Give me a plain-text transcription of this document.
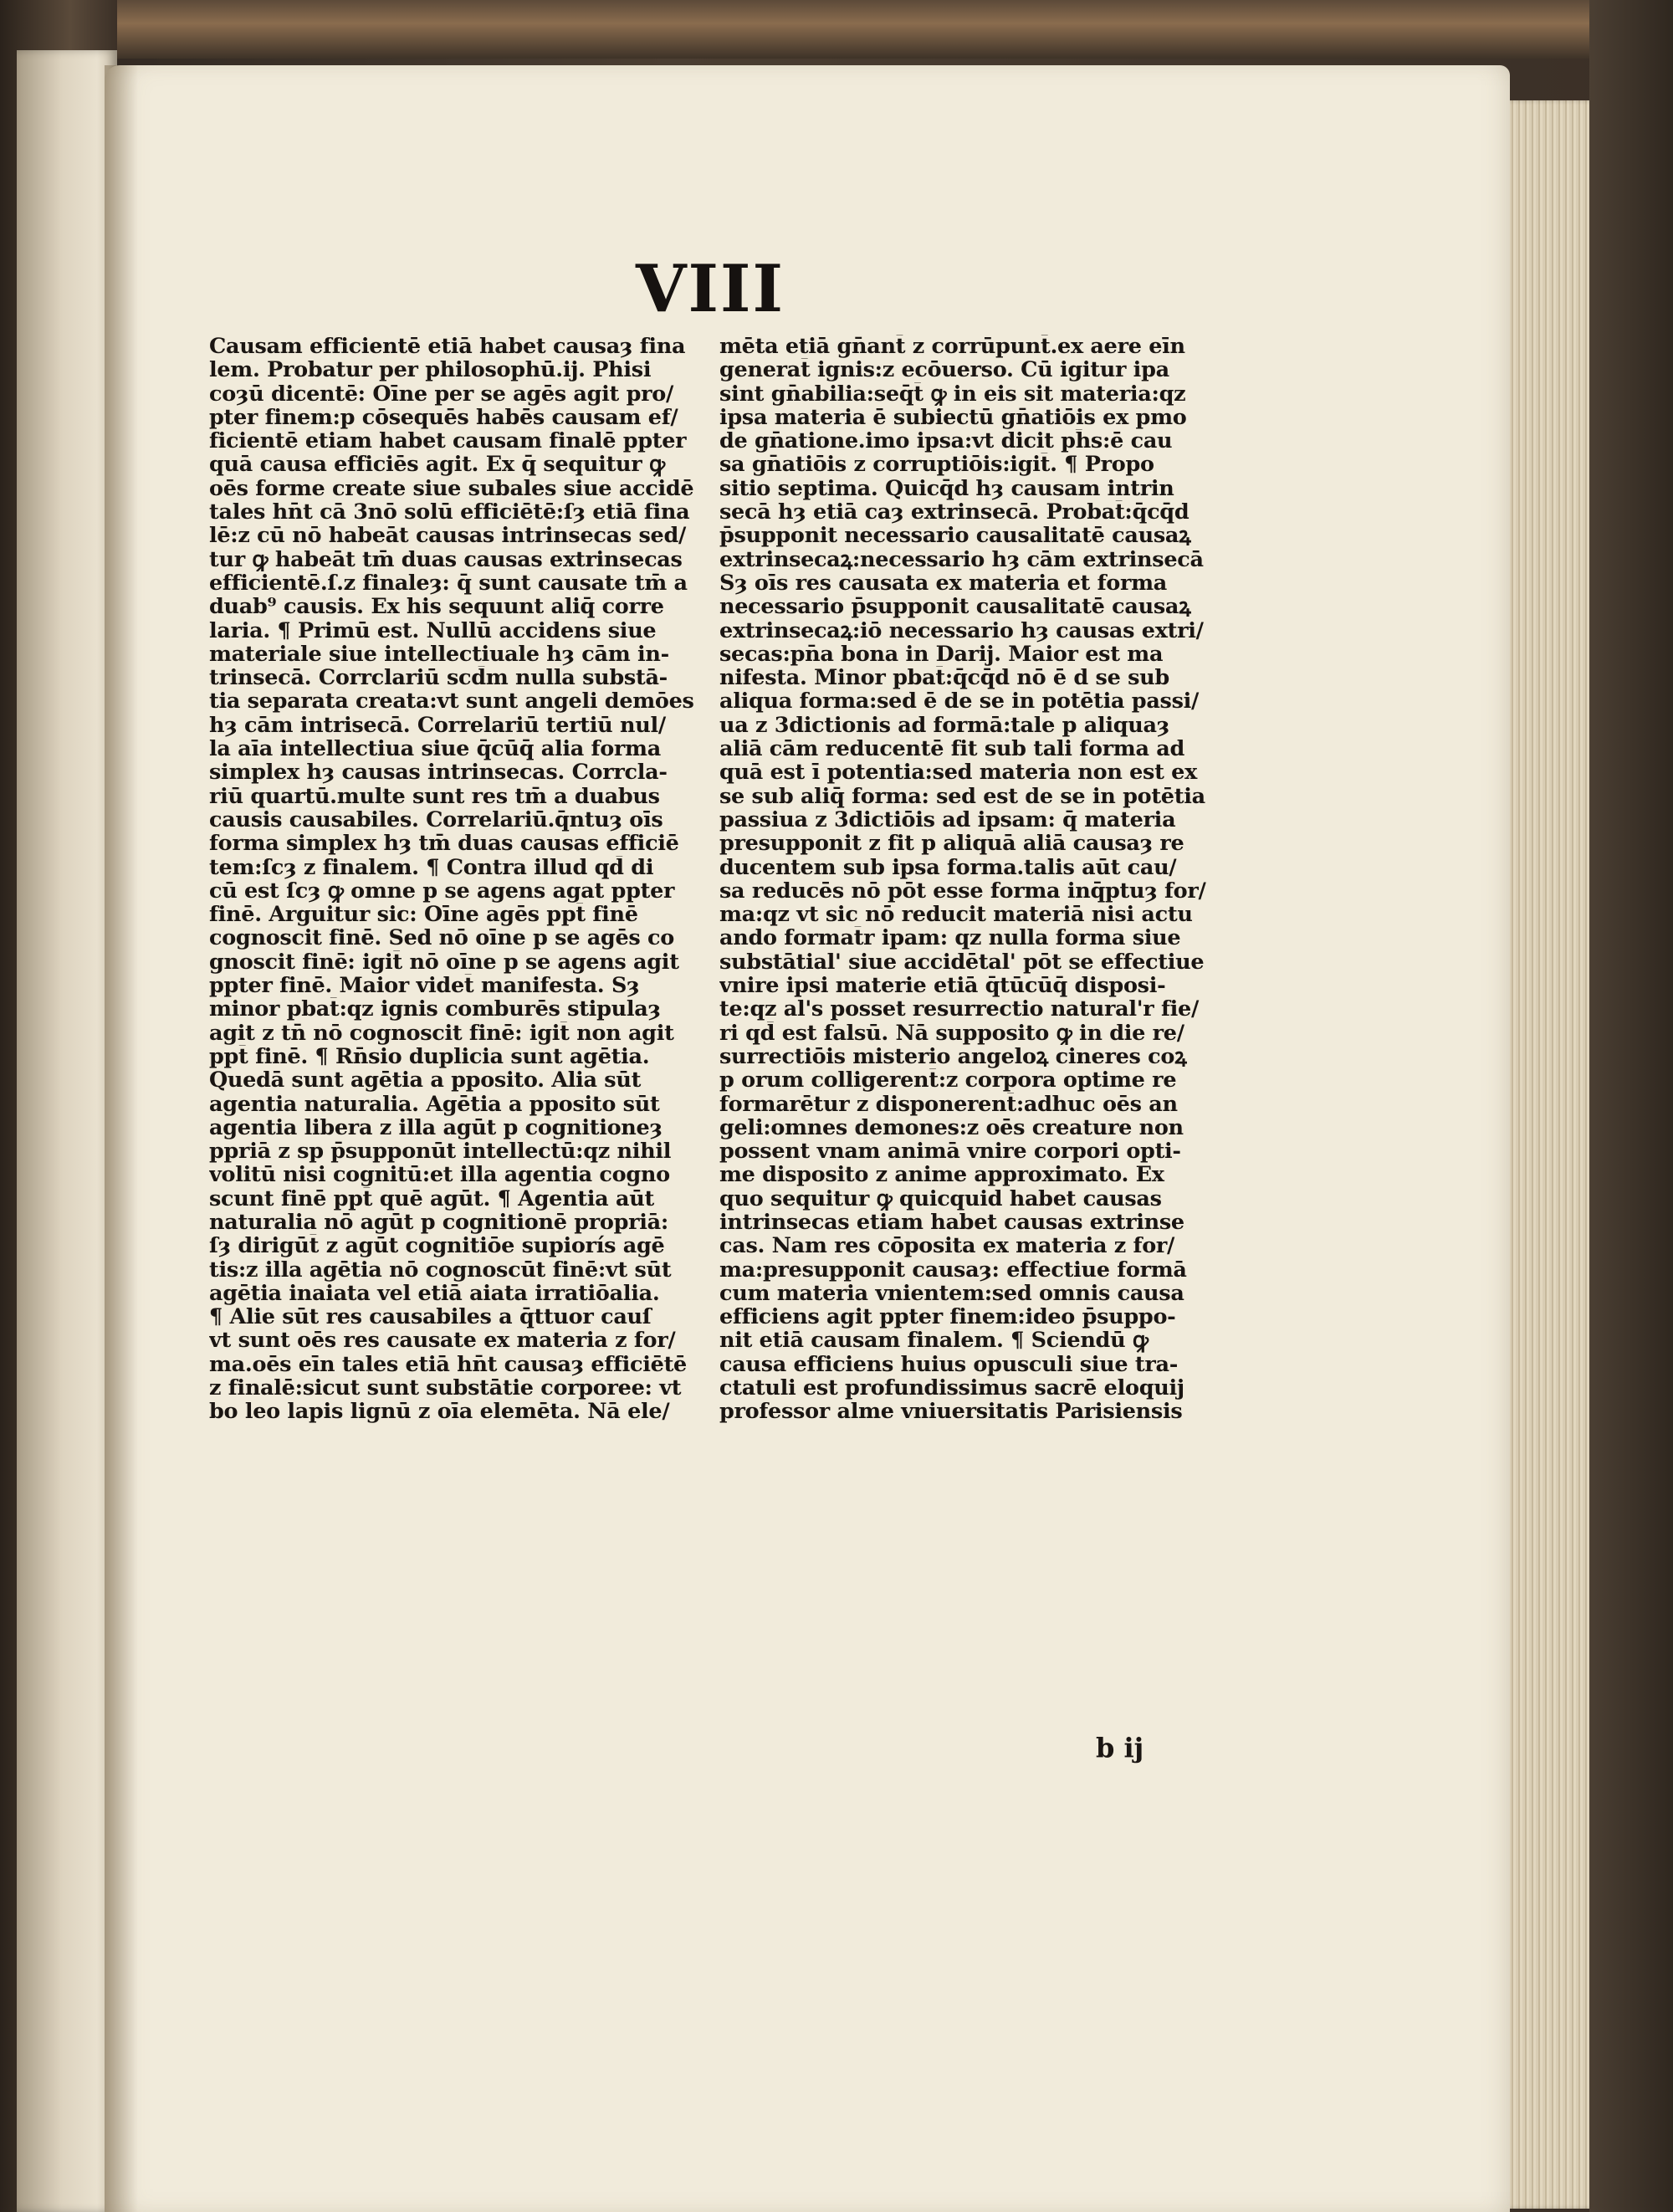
VIII

Causam efficientē etiā habet causaȝ fina
lem. Probatur per philosophū.ij. Phisi
coȝū dicentē: Oīne per se agēs agit pro/
pter finem:p cōsequēs habēs causam ef/
ficientē etiam habet causam finalē ppter
quā causa efficiēs agit. Ex q̄ sequitur ꝙ
oēs forme create siue subales siue accidē
tales hn̄t cā 3nō solū efficiētē:ſȝ etiā fina
lē:z cū nō habeāt causas intrinsecas sed/
tur ꝙ habeāt tm̄ duas causas extrinsecas
efficientē.ſ.z finaleȝ: q̄ sunt causate tm̄ a
duab⁹ causis. Ex his sequunt aliq̄ corre
laria. ¶ Primū est. Nullū accidens siue
materiale siue intellectiuale hȝ cām in-
trinsecā. Corrclariū scd̄m nulla substā-
tia separata creata:vt sunt angeli demōes
hȝ cām intrisecā. Correlariū tertiū nul/
la aīa intellectiua siue q̄cūq̄ alia forma
simplex hȝ causas intrinsecas. Corrcla-
riū quartū.multe sunt res tm̄ a duabus
causis causabiles. Correlariū.q̄ntuȝ oīs
forma simplex hȝ tm̄ duas causas efficiē
tem:ſcȝ z finalem. ¶ Contra illud qd̄ di
cū est ſcȝ ꝙ omne p se agens agat ppter
finē. Arguitur sic: Oīne agēs ppt̄ finē
cognoscit finē. Sed nō oīne p se agēs co
gnoscit finē: igit̄ nō oīne p se agens agit
ppter finē. Maior videt̄ manifesta. Sȝ
minor pbat̄:qz ignis comburēs stipulaȝ
agit z tn̄ nō cognoscit finē: igit̄ non agit
ppt̄ finē. ¶ Rn̄sio duplicia sunt agētia.
Quedā sunt agētia a pposito. Alia sūt
agentia naturalia. Agētia a pposito sūt
agentia libera z illa agūt p cognitioneȝ
ppriā z sp p̄supponūt intellectū:qz nihil
volitū nisi cognitū:et illa agentia cogno
scunt finē ppt̄ quē agūt. ¶ Agentia aūt
naturalia nō agūt p cognitionē propriā:
ſȝ dirigūt̄ z agūt cognitiōe supiorís agē
tis:z illa agētia nō cognoscūt finē:vt sūt
agētia inaiata vel etiā aiata irratiōalia.
¶ Alie sūt res causabiles a q̄ttuor cauſ
vt sunt oēs res causate ex materia z for/
ma.oēs eīn tales etiā hn̄t causaȝ efficiētē
z finalē:sicut sunt substātie corporee: vt
bo leo lapis lignū z oīa elemēta. Nā ele/
mēta etiā gn̄ant̄ z corrūpunt̄.ex aere eīn
generat̄ ignis:z ecōuerso. Cū igitur ipa
sint gn̄abilia:seq̄t̄ ꝙ in eis sit materia:qz
ipsa materia ē subiectū gn̄atiōis ex pmo
de gn̄atione.imo ipsa:vt dicit ph̄s:ē cau
sa gn̄atiōis z corruptiōis:igit̄. ¶ Propo
sitio septima. Quicq̄d hȝ causam intrin
secā hȝ etiā caȝ extrinsecā. Probat̄:q̄cq̄d
p̄supponit necessario causalitatē causaꝝ
extrinsecaꝝ:necessario hȝ cām extrinsecā
Sȝ oīs res causata ex materia et forma
necessario p̄supponit causalitatē causaꝝ
extrinsecaꝝ:iō necessario hȝ causas extri/
secas:pn̄a bona in Darij. Maior est ma
nifesta. Minor pbat̄:q̄cq̄d nō ē d se sub
aliqua forma:sed ē de se in potētia passi/
ua z 3dictionis ad formā:tale p aliquaȝ
aliā cām reducentē fit sub tali forma ad
quā est ī potentia:sed materia non est ex
se sub aliq̄ forma: sed est de se in potētia
passiua z 3dictiōis ad ipsam: q̄ materia
presupponit z fit p aliquā aliā causaȝ re
ducentem sub ipsa forma.talis aūt cau/
sa reducēs nō pōt esse forma inq̄ptuȝ for/
ma:qz vt sic nō reducit materiā nisi actu
ando format̄r ipam: qz nulla forma siue
substātial' siue accidētal' pōt se effectiue
vnire ipsi materie etiā q̄tūcūq̄ disposi-
te:qz al's posset resurrectio natural'r fie/
ri qd̄ est falsū. Nā supposito ꝙ in die re/
surrectiōis misterio angeloꝝ cineres coꝝ
p orum colligerent̄:z corpora optime re
formarētur z disponerent̄:adhuc oēs an
geli:omnes demones:z oēs creature non
possent vnam animā vnire corpori opti-
me disposito z anime approximato. Ex
quo sequitur ꝙ quicquid habet causas
intrinsecas etiam habet causas extrinse
cas. Nam res cōposita ex materia z for/
ma:presupponit causaȝ: effectiue formā
cum materia vnientem:sed omnis causa
efficiens agit ppter finem:ideo p̄suppo-
nit etiā causam finalem. ¶ Sciendū ꝙ
causa efficiens huius opusculi siue tra-
ctatuli est profundissimus sacrē eloquij
professor alme vniuersitatis Parisiensis

b ij
